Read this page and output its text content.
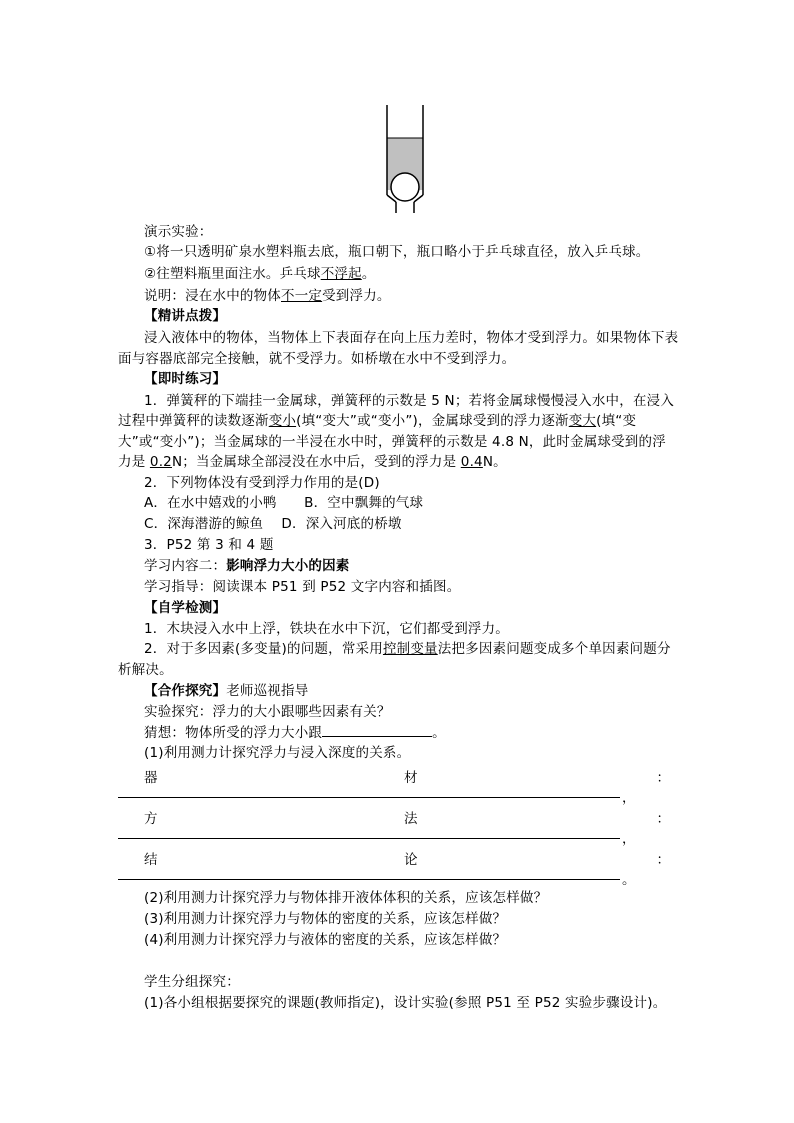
演示实验：
①将一只透明矿泉水塑料瓶去底，瓶口朝下，瓶口略小于乒乓球直径，放入乒乓球。
②往塑料瓶里面注水。乒乓球不浮起。
说明：浸在水中的物体不一定受到浮力。
【精讲点拨】
浸入液体中的物体，当物体上下表面存在向上压力差时，物体才受到浮力。如果物体下表
面与容器底部完全接触，就不受浮力。如桥墩在水中不受到浮力。
【即时练习】
1．弹簧秤的下端挂一金属球，弹簧秤的示数是 5 N；若将金属球慢慢浸入水中，在浸入
过程中弹簧秤的读数逐渐变小(填“变大”或“变小”)，金属球受到的浮力逐渐变大(填“变
大”或“变小”)；当金属球的一半浸在水中时，弹簧秤的示数是 4.8 N，此时金属球受到的浮
力是 0.2N；当金属球全部浸没在水中后，受到的浮力是 0.4N。
2．下列物体没有受到浮力作用的是(D)
A．在水中嬉戏的小鸭　　B．空中飘舞的气球
C．深海潜游的鲸鱼　 D．深入河底的桥墩
3．P52 第 3 和 4 题
学习内容二：影响浮力大小的因素
学习指导：阅读课本 P51 到 P52 文字内容和插图。
【自学检测】
1．木块浸入水中上浮，铁块在水中下沉，它们都受到浮力。
2．对于多因素(多变量)的问题，常采用控制变量法把多因素问题变成多个单因素问题分
析解决。
【合作探究】老师巡视指导
实验探究：浮力的大小跟哪些因素有关？
猜想：物体所受的浮力大小跟	。
(1)利用测力计探究浮力与浸入深度的关系。
器	材	：
，
方	法	：
，
结	论	：
。
(2)利用测力计探究浮力与物体排开液体体积的关系，应该怎样做？
(3)利用测力计探究浮力与物体的密度的关系，应该怎样做？
(4)利用测力计探究浮力与液体的密度的关系，应该怎样做？
学生分组探究：
(1)各小组根据要探究的课题(教师指定)，设计实验(参照 P51 至 P52 实验步骤设计)。
